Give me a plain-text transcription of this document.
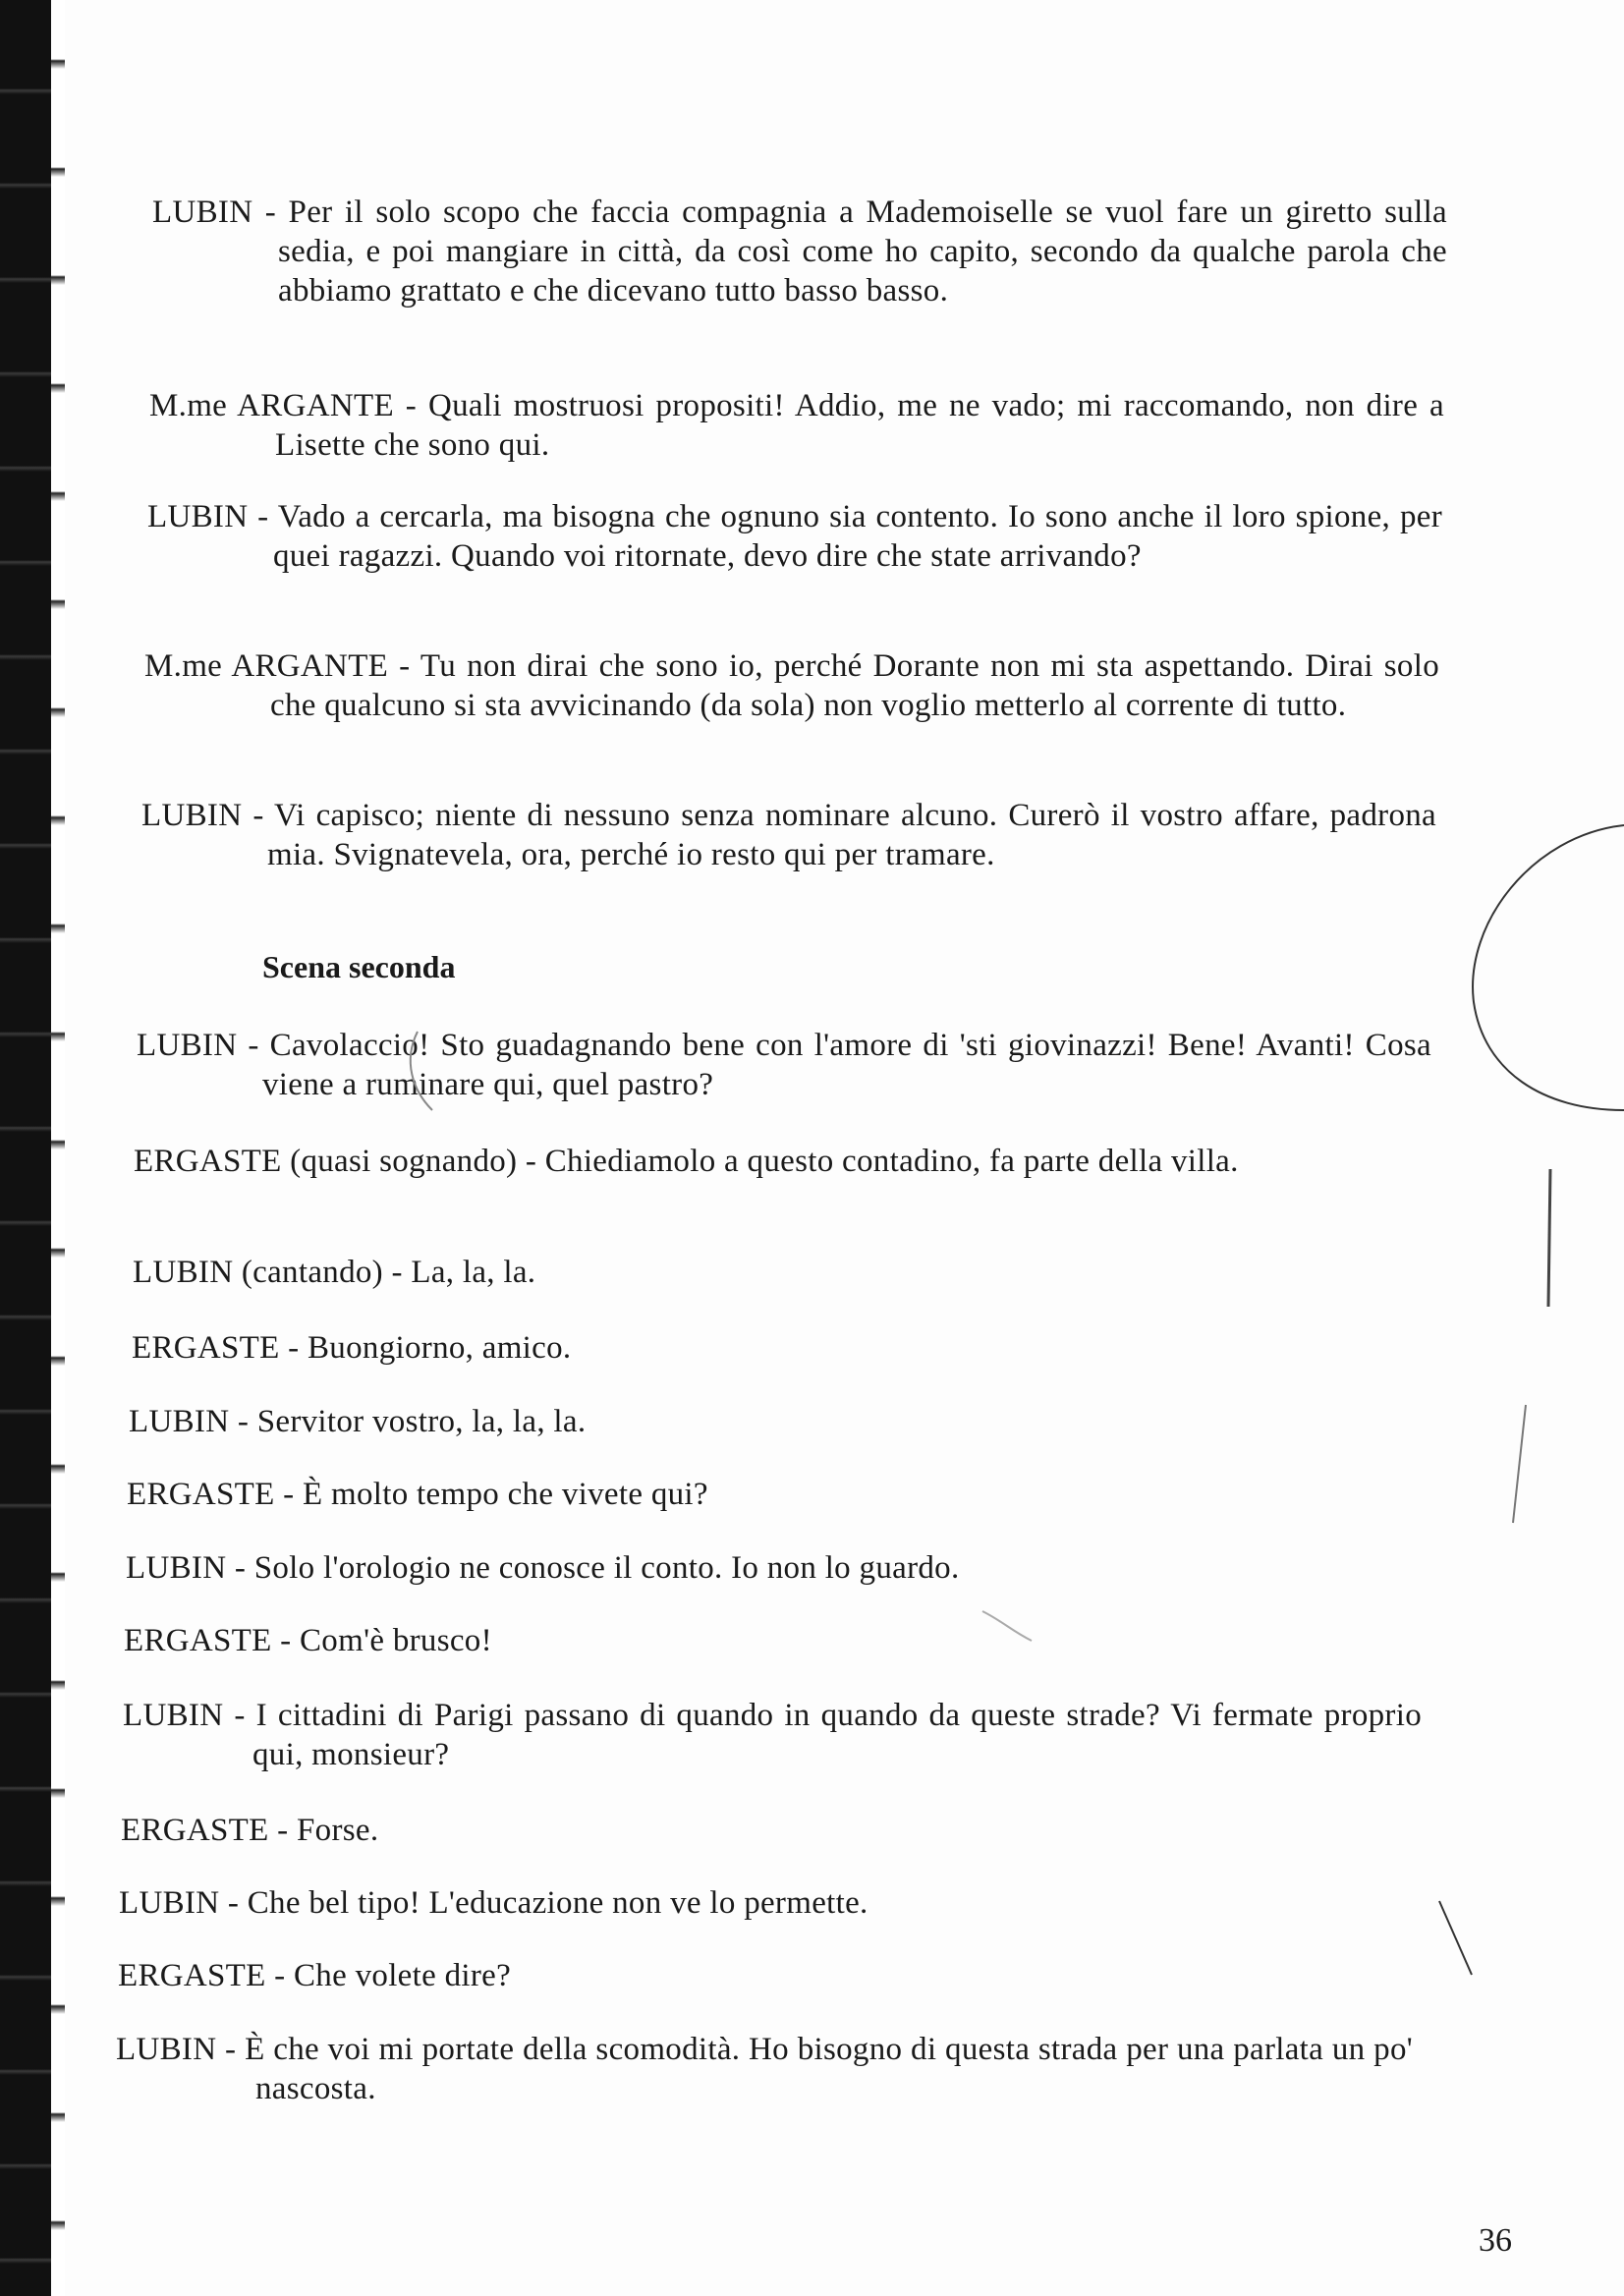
LUBIN - Per il solo scopo che faccia compagnia a Mademoiselle se vuol fare un giretto sulla sedia, e poi mangiare in città, da così come ho capito, secondo da qualche parola che abbiamo grattato e che dicevano tutto basso basso.
M.me ARGANTE - Quali mostruosi propositi! Addio, me ne vado; mi raccomando, non dire a Lisette che sono qui.
LUBIN - Vado a cercarla, ma bisogna che ognuno sia contento. Io sono anche il loro spione, per quei ragazzi. Quando voi ritornate, devo dire che state arrivando?
M.me ARGANTE - Tu non dirai che sono io, perché Dorante non mi sta aspettando. Dirai solo che qualcuno si sta avvicinando (da sola) non voglio metterlo al corrente di tutto.
LUBIN - Vi capisco; niente di nessuno senza nominare alcuno. Curerò il vostro affare, padrona mia. Svignatevela, ora, perché io resto qui per tramare.
Scena seconda
LUBIN - Cavolaccio! Sto guadagnando bene con l'amore di 'sti giovinazzi! Bene! Avanti! Cosa viene a ruminare qui, quel pastro?
ERGASTE (quasi sognando) - Chiediamolo a questo contadino, fa parte della villa.
LUBIN (cantando) - La, la, la.
ERGASTE - Buongiorno, amico.
LUBIN - Servitor vostro, la, la, la.
ERGASTE - È molto tempo che vivete qui?
LUBIN - Solo l'orologio ne conosce il conto. Io non lo guardo.
ERGASTE - Com'è brusco!
LUBIN - I cittadini di Parigi passano di quando in quando da queste strade? Vi fermate proprio qui, monsieur?
ERGASTE - Forse.
LUBIN - Che bel tipo! L'educazione non ve lo permette.
ERGASTE - Che volete dire?
LUBIN - È che voi mi portate della scomodità. Ho bisogno di questa strada per una parlata un po' nascosta.
36
